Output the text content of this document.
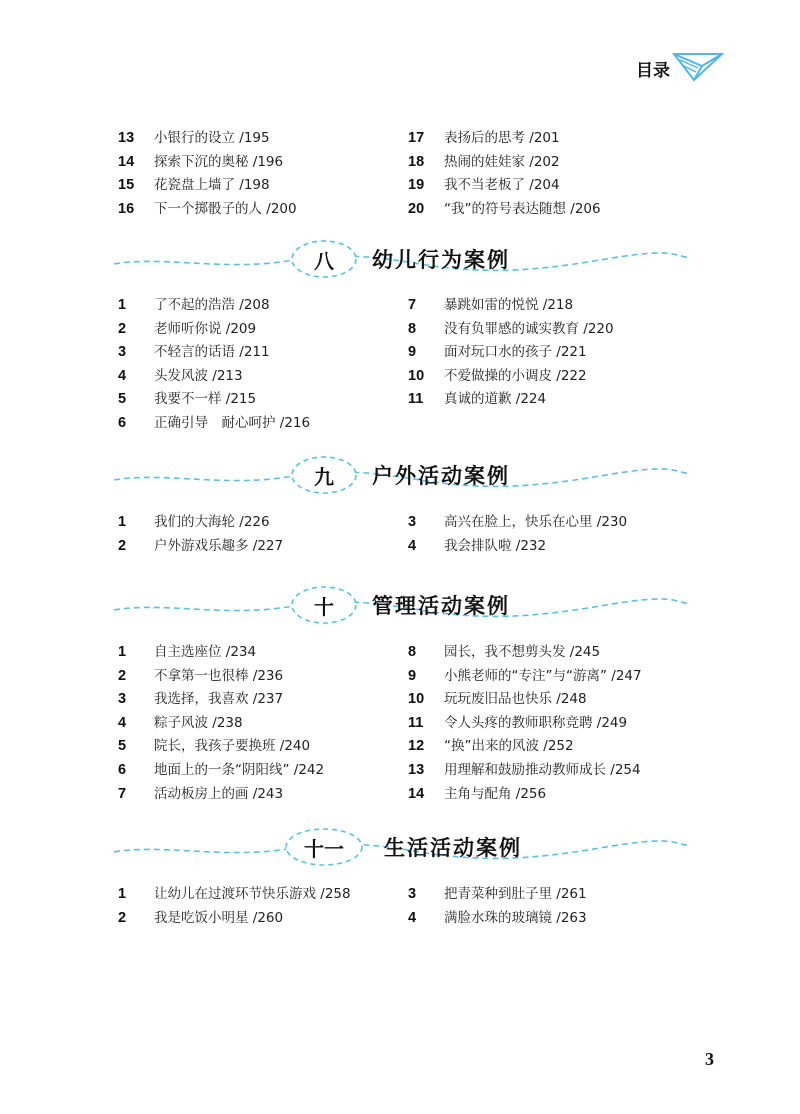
目录
13	小银行的设立 /195
14	探索下沉的奥秘 /196
15	花瓷盘上墙了 /198
16	下一个掷骰子的人 /200
17	表扬后的思考 /201
18	热闹的娃娃家 /202
19	我不当老板了 /204
20	“我”的符号表达随想 /206
八	幼儿行为案例
1	了不起的浩浩 /208
2	老师听你说 /209
3	不轻言的话语 /211
4	头发风波 /213
5	我要不一样 /215
6	正确引导　耐心呵护 /216
7	暴跳如雷的悦悦 /218
8	没有负罪感的诚实教育 /220
9	面对玩口水的孩子 /221
10	不爱做操的小调皮 /222
11	真诚的道歉 /224
九	户外活动案例
1	我们的大海轮 /226
2	户外游戏乐趣多 /227
3	高兴在脸上，快乐在心里 /230
4	我会排队啦 /232
十	管理活动案例
1	自主选座位 /234
2	不拿第一也很棒 /236
3	我选择，我喜欢 /237
4	粽子风波 /238
5	院长，我孩子要换班 /240
6	地面上的一条“阴阳线” /242
7	活动板房上的画 /243
8	园长，我不想剪头发 /245
9	小熊老师的“专注”与“游离” /247
10	玩玩废旧品也快乐 /248
11	令人头疼的教师职称竞聘 /249
12	“换”出来的风波 /252
13	用理解和鼓励推动教师成长 /254
14	主角与配角 /256
十一	生活活动案例
1	让幼儿在过渡环节快乐游戏 /258
2	我是吃饭小明星 /260
3	把青菜种到肚子里 /261
4	满脸水珠的玻璃镜 /263
3
